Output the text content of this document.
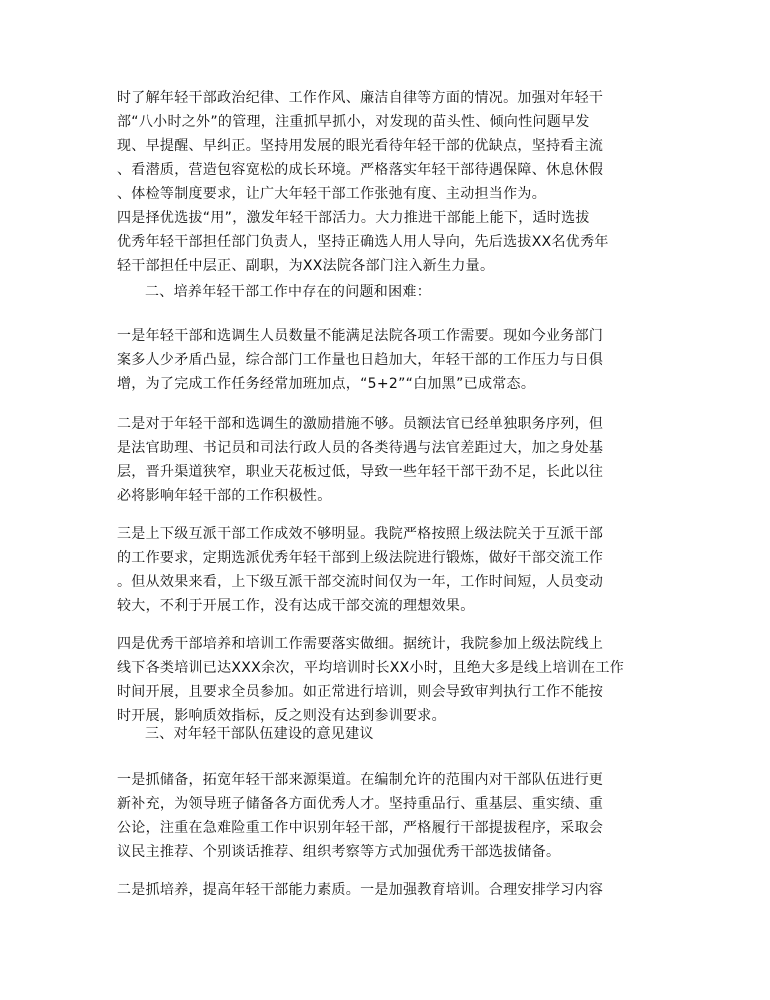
时了解年轻干部政治纪律、工作作风、廉洁自律等方面的情况。加强对年轻干
部“八小时之外”的管理，注重抓早抓小，对发现的苗头性、倾向性问题早发
现、早提醒、早纠正。坚持用发展的眼光看待年轻干部的优缺点，坚持看主流
、看潜质，营造包容宽松的成长环境。严格落实年轻干部待遇保障、休息休假
、体检等制度要求，让广大年轻干部工作张弛有度、主动担当作为。
四是择优选拔“用”，激发年轻干部活力。大力推进干部能上能下，适时选拔
优秀年轻干部担任部门负责人，坚持正确选人用人导向，先后选拔XX名优秀年
轻干部担任中层正、副职，为XX法院各部门注入新生力量。
二、培养年轻干部工作中存在的问题和困难：
一是年轻干部和选调生人员数量不能满足法院各项工作需要。现如今业务部门
案多人少矛盾凸显，综合部门工作量也日趋加大，年轻干部的工作压力与日俱
增，为了完成工作任务经常加班加点，“5+2”“白加黑”已成常态。
二是对于年轻干部和选调生的激励措施不够。员额法官已经单独职务序列，但
是法官助理、书记员和司法行政人员的各类待遇与法官差距过大，加之身处基
层，晋升渠道狭窄，职业天花板过低，导致一些年轻干部干劲不足，长此以往
必将影响年轻干部的工作积极性。
三是上下级互派干部工作成效不够明显。我院严格按照上级法院关于互派干部
的工作要求，定期选派优秀年轻干部到上级法院进行锻炼，做好干部交流工作
。但从效果来看，上下级互派干部交流时间仅为一年，工作时间短，人员变动
较大，不利于开展工作，没有达成干部交流的理想效果。
四是优秀干部培养和培训工作需要落实做细。据统计，我院参加上级法院线上
线下各类培训已达XXX余次，平均培训时长XX小时，且绝大多是线上培训在工作
时间开展，且要求全员参加。如正常进行培训，则会导致审判执行工作不能按
时开展，影响质效指标，反之则没有达到参训要求。
三、对年轻干部队伍建设的意见建议
一是抓储备，拓宽年轻干部来源渠道。在编制允许的范围内对干部队伍进行更
新补充，为领导班子储备各方面优秀人才。坚持重品行、重基层、重实绩、重
公论，注重在急难险重工作中识别年轻干部，严格履行干部提拔程序，采取会
议民主推荐、个别谈话推荐、组织考察等方式加强优秀干部选拔储备。
二是抓培养，提高年轻干部能力素质。一是加强教育培训。合理安排学习内容
